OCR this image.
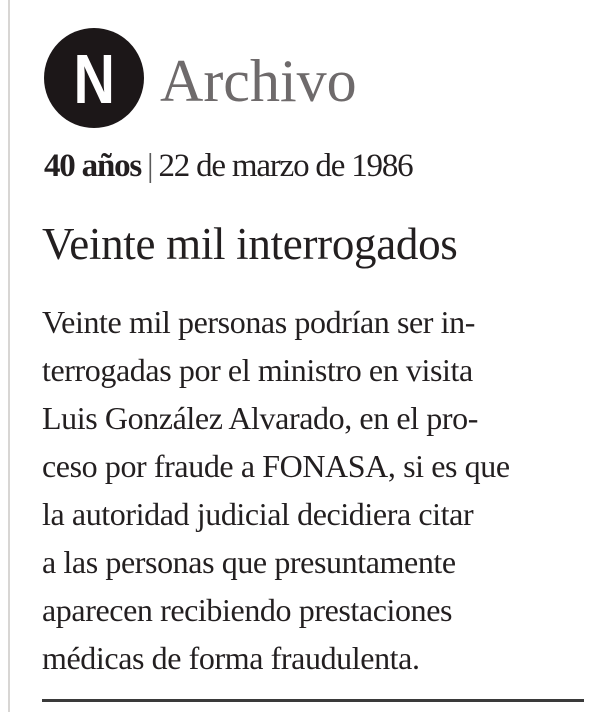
N Archivo
40 años | 22 de marzo de 1986
Veinte mil interrogados
Veinte mil personas podrían ser in-
terrogadas por el ministro en visita
Luis González Alvarado, en el pro-
ceso por fraude a FONASA, si es que
la autoridad judicial decidiera citar
a las personas que presuntamente
aparecen recibiendo prestaciones
médicas de forma fraudulenta.
